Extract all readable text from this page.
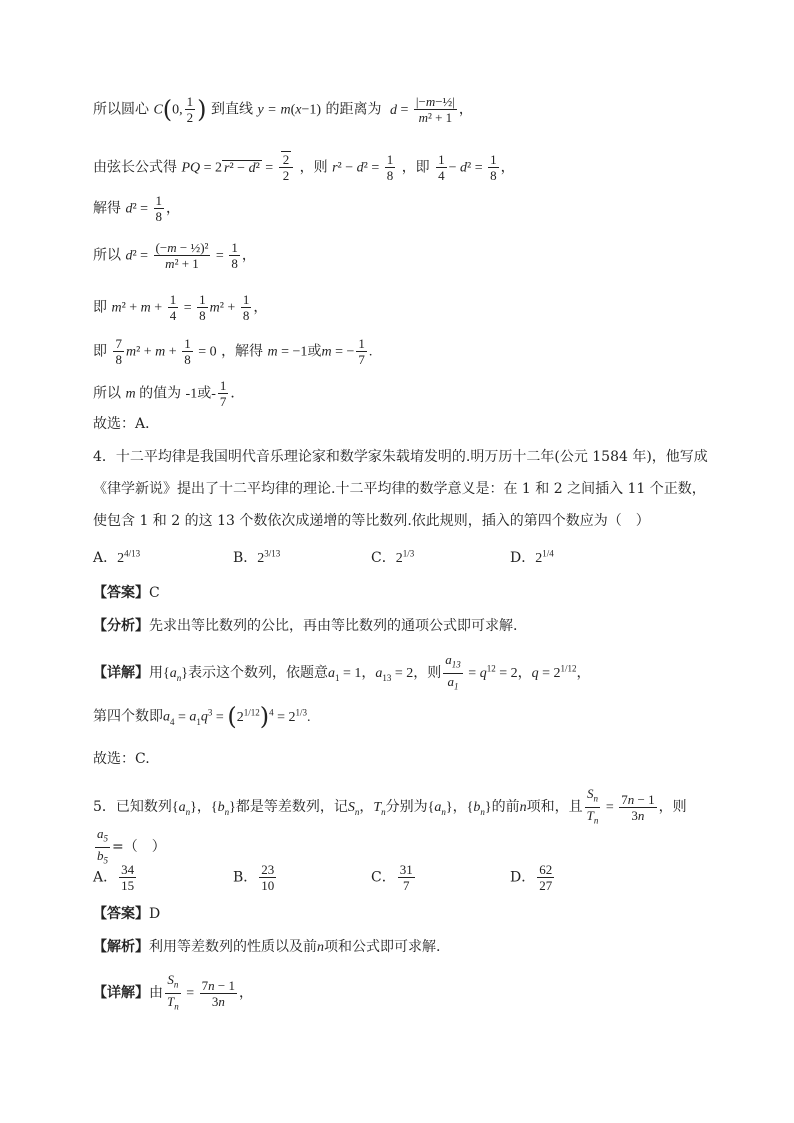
所以圆心 C(0, $\frac{1}{2}$ ) 到直线 y = m(x−1) 的距离为 $d = \frac{\text{|−m−½|}}{\text{m² + 1}}$ ，
由弦长公式得 PQ = 2 $r^2 - d^2 = \frac{2}{2}$ ，则 $r^2 - d^2 = \frac{1}{8}$ ，即 $\frac{1}{4} - d^2 = \frac{1}{8}$ ，
解得 $d^2 = \frac{1}{8}$ ，
所以 $d^2 = \frac{\text{(−m − ½)²}}{\text{m² + 1}} = \frac{1}{8}$ ，
即 $m^2 + m + \frac{1}{4} = \frac{1}{8} m^2 + \frac{1}{8}$ ，
即 $\frac{7}{8} m^2 + m + \frac{1}{8} = 0$ ，解得 m = −1或m = − $\frac{1}{7}$ .
所以 m 的值为 -1或- $\frac{1}{7}$ ．
故选：A．
4．十二平均律是我国明代音乐理论家和数学家朱载堉发明的.明万历十二年(公元 1584 年)，他写成
《律学新说》提出了十二平均律的理论.十二平均律的数学意义是：在 1 和 2 之间插入 11 个正数，
使包含 1 和 2 的这 13 个数依次成递增的等比数列.依此规则，插入的第四个数应为（　）
A．$2^{4/13}$	B．$2^{3/13}$	C．$2^{1/3}$	D．$2^{1/4}$
【答案】C
【分析】先求出等比数列的公比，再由等比数列的通项公式即可求解.
【详解】用$\{a_n\}$表示这个数列，依题意$a_1 = 1$，$a_{13} = 2$，则 $\frac{a_{13}}{a_1} = q^{12} = 2$，$q = 2^{1/12}$，
第四个数即$a_4 = a_1q^3 = (2^{1/12})^4 = 2^{1/3}$.
故选：C.
5．已知数列$\{a_n\}$，$\{b_n\}$都是等差数列，记$S_n$，$T_n$分别为$\{a_n\}$，$\{b_n\}$的前n项和，且 $\frac{S_n}{T_n} = \frac{7n - 1}{3n}$ ，则
$\frac{a_5}{b_5}$ =（　）
A． $\frac{34}{15}$	B． $\frac{23}{10}$	C． $\frac{31}{7}$	D． $\frac{62}{27}$
【答案】D
【解析】利用等差数列的性质以及前n项和公式即可求解.
【详解】由 $\frac{S_n}{T_n} = \frac{7n - 1}{3n}$ ，
